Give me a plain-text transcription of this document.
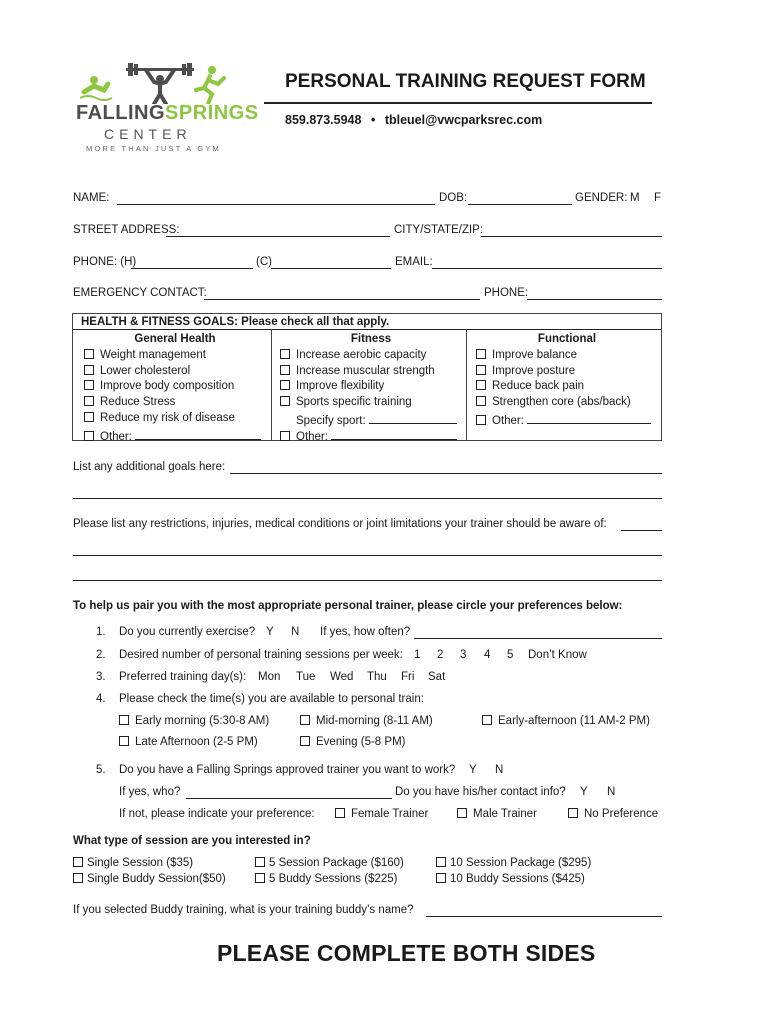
FALLINGSPRINGS
CENTER
MORE THAN JUST A GYM
PERSONAL TRAINING REQUEST FORM
859.873.5948 • tbleuel@vwcparksrec.com
NAME:	DOB:	GENDER: M F
STREET ADDRESS:	CITY/STATE/ZIP:
PHONE: (H)	(C)	EMAIL:
EMERGENCY CONTACT:	PHONE:
HEALTH & FITNESS GOALS: Please check all that apply.
General Health
Weight management
Lower cholesterol
Improve body composition
Reduce Stress
Reduce my risk of disease
Other:
Fitness
Increase aerobic capacity
Increase muscular strength
Improve flexibility
Sports specific training
Specify sport:
Other:
Functional
Improve balance
Improve posture
Reduce back pain
Strengthen core (abs/back)
Other:
List any additional goals here:
Please list any restrictions, injuries, medical conditions or joint limitations your trainer should be aware of:
To help us pair you with the most appropriate personal trainer, please circle your preferences below:
1. Do you currently exercise? Y N If yes, how often?
2. Desired number of personal training sessions per week: 1 2 3 4 5 Don’t Know
3. Preferred training day(s): Mon Tue Wed Thu Fri Sat
4. Please check the time(s) you are available to personal train:
Early morning (5:30-8 AM)	Mid-morning (8-11 AM)	Early-afternoon (11 AM-2 PM)
Late Afternoon (2-5 PM)	Evening (5-8 PM)
5. Do you have a Falling Springs approved trainer you want to work? Y N
If yes, who?	Do you have his/her contact info? Y N
If not, please indicate your preference:	Female Trainer	Male Trainer	No Preference
What type of session are you interested in?
Single Session ($35)	5 Session Package ($160)	10 Session Package ($295)
Single Buddy Session($50)	5 Buddy Sessions ($225)	10 Buddy Sessions ($425)
If you selected Buddy training, what is your training buddy’s name?
PLEASE COMPLETE BOTH SIDES
